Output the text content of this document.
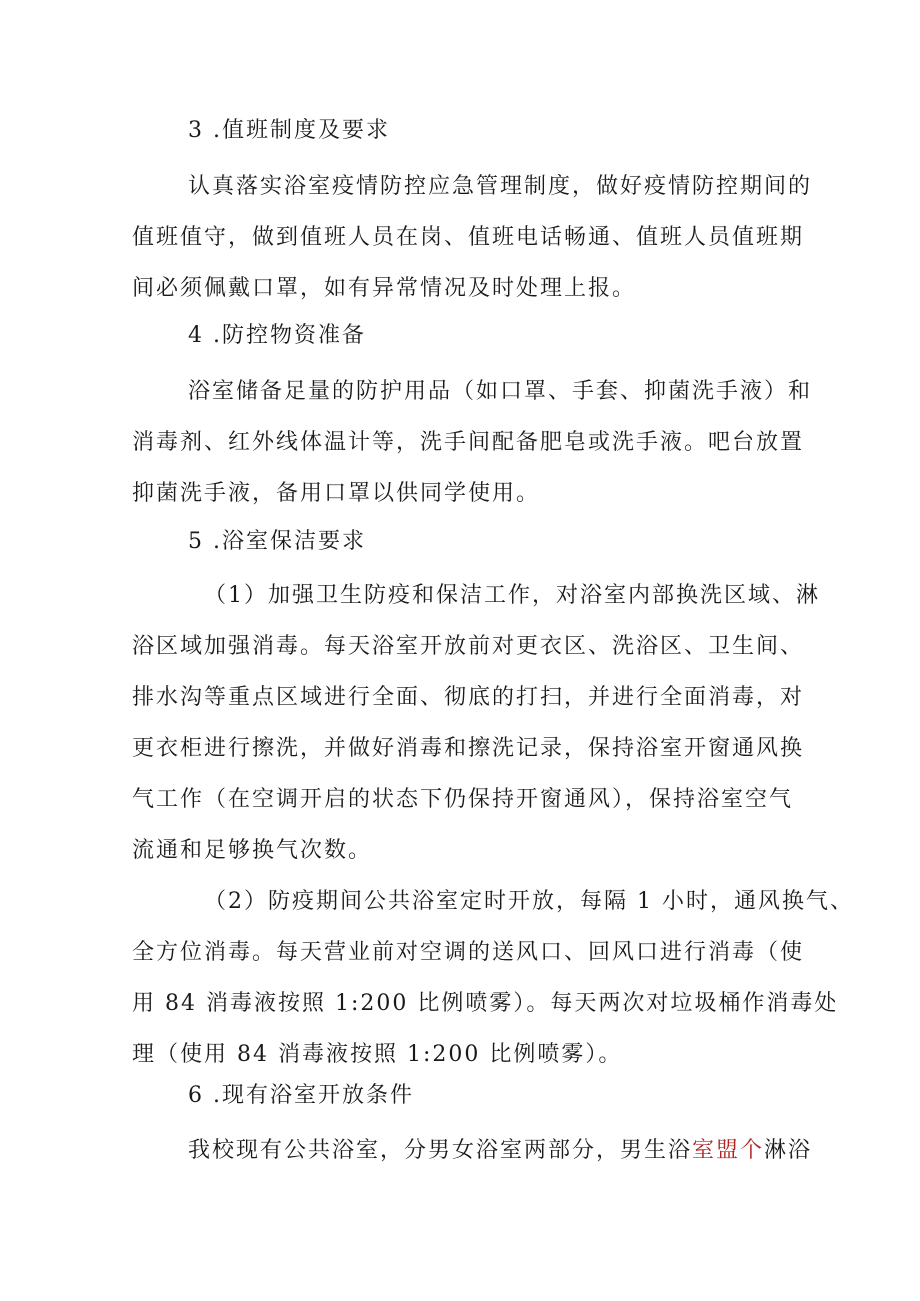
3 .值班制度及要求
认真落实浴室疫情防控应急管理制度，做好疫情防控期间的
值班值守，做到值班人员在岗、值班电话畅通、值班人员值班期
间必须佩戴口罩，如有异常情况及时处理上报。
4 .防控物资准备
浴室储备足量的防护用品（如口罩、手套、抑菌洗手液）和
消毒剂、红外线体温计等，洗手间配备肥皂或洗手液。吧台放置
抑菌洗手液，备用口罩以供同学使用。
5 .浴室保洁要求
（1）加强卫生防疫和保洁工作，对浴室内部换洗区域、淋
浴区域加强消毒。每天浴室开放前对更衣区、洗浴区、卫生间、
排水沟等重点区域进行全面、彻底的打扫，并进行全面消毒，对
更衣柜进行擦洗，并做好消毒和擦洗记录，保持浴室开窗通风换
气工作（在空调开启的状态下仍保持开窗通风），保持浴室空气
流通和足够换气次数。
（2）防疫期间公共浴室定时开放，每隔 1 小时，通风换气、
全方位消毒。每天营业前对空调的送风口、回风口进行消毒（使
用 84 消毒液按照 1:200 比例喷雾）。每天两次对垃圾桶作消毒处
理（使用 84 消毒液按照 1:200 比例喷雾）。
6 .现有浴室开放条件
我校现有公共浴室，分男女浴室两部分，男生浴室盟个淋浴
